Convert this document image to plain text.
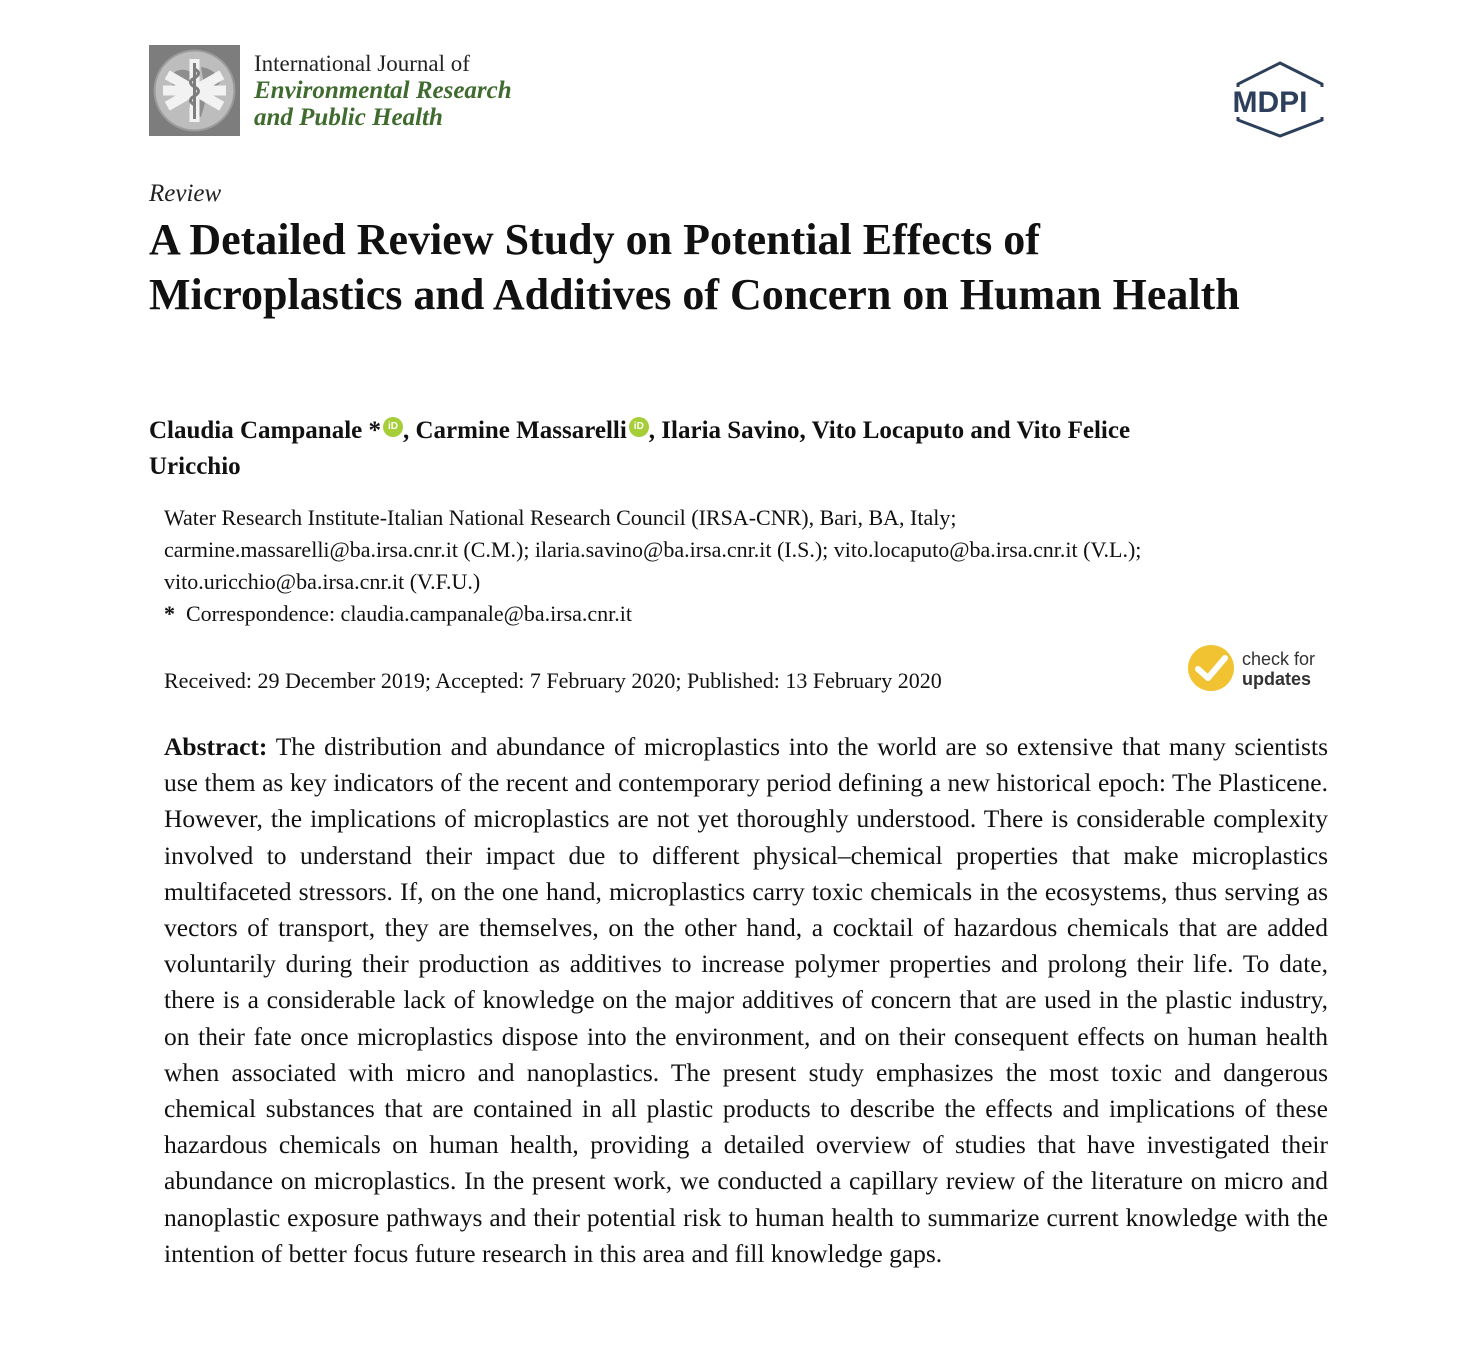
International Journal of
Environmental Research
and Public Health	MDPI
Review
A Detailed Review Study on Potential Effects of Microplastics and Additives of Concern on Human Health
Claudia Campanale * iD , Carmine Massarelli iD , Ilaria Savino, Vito Locaputo and Vito Felice Uricchio
Water Research Institute-Italian National Research Council (IRSA-CNR), Bari, BA, Italy;
carmine.massarelli@ba.irsa.cnr.it (C.M.); ilaria.savino@ba.irsa.cnr.it (I.S.); vito.locaputo@ba.irsa.cnr.it (V.L.);
vito.uricchio@ba.irsa.cnr.it (V.F.U.)
* Correspondence: claudia.campanale@ba.irsa.cnr.it
Received: 29 December 2019; Accepted: 7 February 2020; Published: 13 February 2020
check for
updates

Abstract: The distribution and abundance of microplastics into the world are so extensive that many scientists use them as key indicators of the recent and contemporary period defining a new historical epoch: The Plasticene. However, the implications of microplastics are not yet thoroughly understood. There is considerable complexity involved to understand their impact due to different physical–chemical properties that make microplastics multifaceted stressors. If, on the one hand, microplastics carry toxic chemicals in the ecosystems, thus serving as vectors of transport, they are themselves, on the other hand, a cocktail of hazardous chemicals that are added voluntarily during their production as additives to increase polymer properties and prolong their life. To date, there is a considerable lack of knowledge on the major additives of concern that are used in the plastic industry, on their fate once microplastics dispose into the environment, and on their consequent effects on human health when associated with micro and nanoplastics. The present study emphasizes the most toxic and dangerous chemical substances that are contained in all plastic products to describe the effects and implications of these hazardous chemicals on human health, providing a detailed overview of studies that have investigated their abundance on microplastics. In the present work, we conducted a capillary review of the literature on micro and nanoplastic exposure pathways and their potential risk to human health to summarize current knowledge with the intention of better focus future research in this area and fill knowledge gaps.
